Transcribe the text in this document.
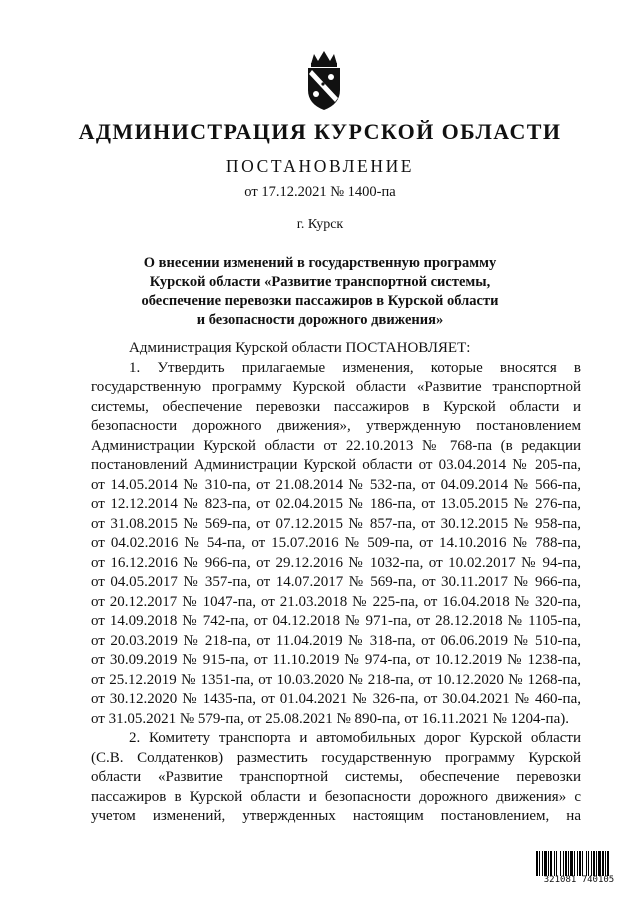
АДМИНИСТРАЦИЯ КУРСКОЙ ОБЛАСТИ
ПОСТАНОВЛЕНИЕ
от 17.12.2021 № 1400-па
г. Курск
О внесении изменений в государственную программу
Курской области «Развитие транспортной системы,
обеспечение перевозки пассажиров в Курской области
и безопасности дорожного движения»
Администрация Курской области ПОСТАНОВЛЯЕТ:

1. Утвердить прилагаемые изменения, которые вносятся в
государственную программу Курской области «Развитие транспортной
системы, обеспечение перевозки пассажиров в Курской области и
безопасности дорожного движения», утвержденную постановлением
Администрации Курской области от 22.10.2013 № 768-па (в редакции
постановлений Администрации Курской области от 03.04.2014 № 205-па,
от 14.05.2014 № 310-па, от 21.08.2014 № 532-па, от 04.09.2014 № 566-па,
от 12.12.2014 № 823-па, от 02.04.2015 № 186-па, от 13.05.2015 № 276-па,
от 31.08.2015 № 569-па, от 07.12.2015 № 857-па, от 30.12.2015 № 958-па,
от 04.02.2016 № 54-па, от 15.07.2016 № 509-па, от 14.10.2016 № 788-па,
от 16.12.2016 № 966-па, от 29.12.2016 № 1032-па, от 10.02.2017 № 94-па,
от 04.05.2017 № 357-па, от 14.07.2017 № 569-па, от 30.11.2017 № 966-па,
от 20.12.2017 № 1047-па, от 21.03.2018 № 225-па, от 16.04.2018 № 320-па,
от 14.09.2018 № 742-па, от 04.12.2018 № 971-па, от 28.12.2018 № 1105-па,
от 20.03.2019 № 218-па, от 11.04.2019 № 318-па, от 06.06.2019 № 510-па,
от 30.09.2019 № 915-па, от 11.10.2019 № 974-па, от 10.12.2019 № 1238-па,
от 25.12.2019 № 1351-па, от 10.03.2020 № 218-па, от 10.12.2020 № 1268-па,
от 30.12.2020 № 1435-па, от 01.04.2021 № 326-па, от 30.04.2021 № 460-па,
от 31.05.2021 № 579-па, от 25.08.2021 № 890-па, от 16.11.2021 № 1204-па).

2. Комитету транспорта и автомобильных дорог Курской области
(С.В. Солдатенков) разместить государственную программу Курской
области «Развитие транспортной системы, обеспечение перевозки
пассажиров в Курской области и безопасности дорожного движения» с
учетом изменений, утвержденных настоящим постановлением, на

321081 740105
